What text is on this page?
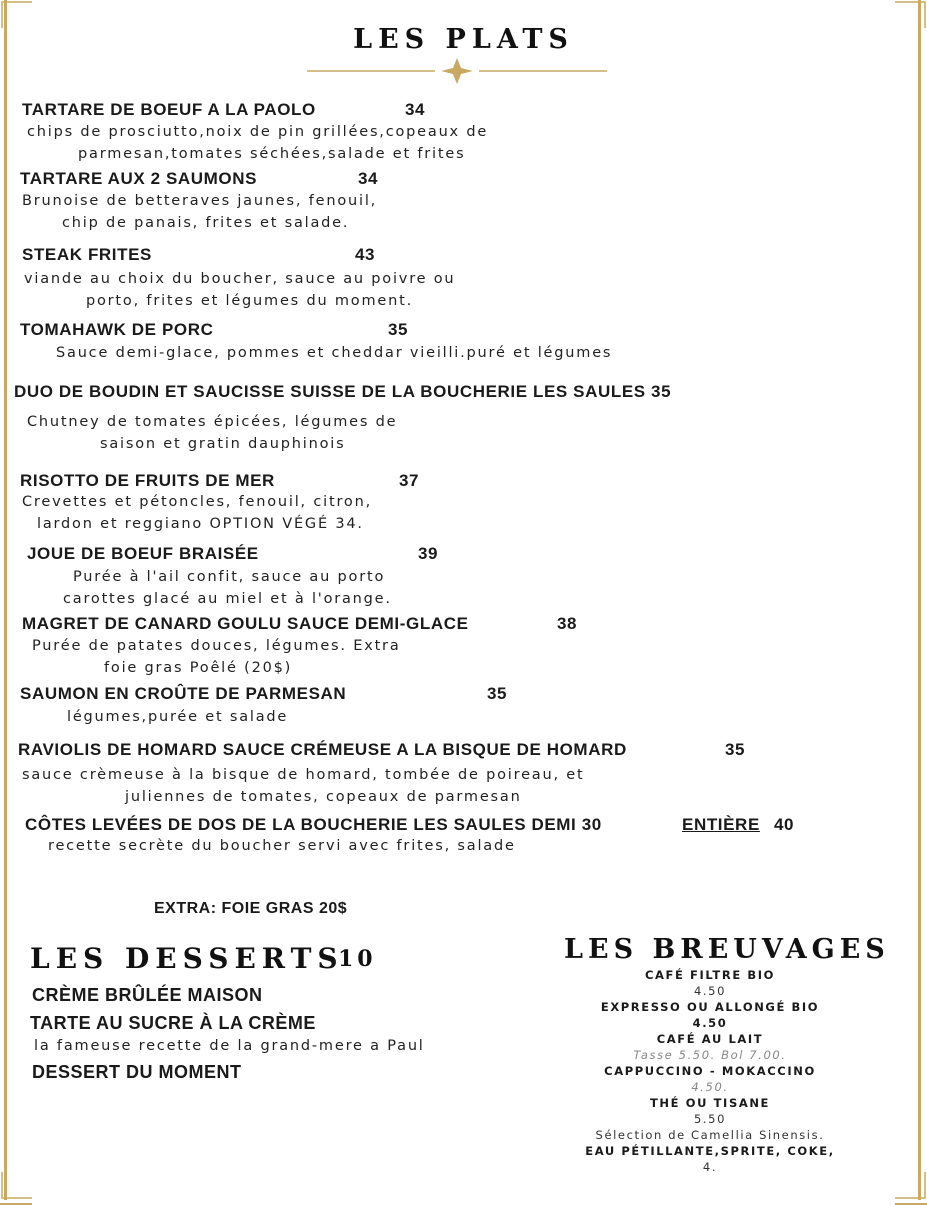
LES PLATS
TARTARE DE BOEUF A LA PAOLO	34
chips de prosciutto,noix de pin grillées,copeaux de
parmesan,tomates séchées,salade et frites
TARTARE AUX 2 SAUMONS	34
Brunoise de betteraves jaunes, fenouil,
chip de panais, frites et salade.
STEAK FRITES	43
viande au choix du boucher, sauce au poivre ou
porto, frites et légumes du moment.
TOMAHAWK DE PORC	35
Sauce demi-glace, pommes et cheddar vieilli.puré et légumes
DUO DE BOUDIN ET SAUCISSE SUISSE DE LA BOUCHERIE LES SAULES 35
Chutney de tomates épicées, légumes de
saison et gratin dauphinois
RISOTTO DE FRUITS DE MER	37
Crevettes et pétoncles, fenouil, citron,
lardon et reggiano OPTION VÉGÉ 34.
JOUE DE BOEUF BRAISÉE	39
Purée à l'ail confit, sauce au porto
carottes glacé au miel et à l'orange.
MAGRET DE CANARD GOULU SAUCE DEMI-GLACE	38
Purée de patates douces, légumes. Extra
foie gras Poêlé (20$)
SAUMON EN CROÛTE DE PARMESAN	35
légumes,purée et salade
RAVIOLIS DE HOMARD SAUCE CRÉMEUSE A LA BISQUE DE HOMARD	35
sauce crèmeuse à la bisque de homard, tombée de poireau, et
juliennes de tomates, copeaux de parmesan
CÔTES LEVÉES DE DOS DE LA BOUCHERIE LES SAULES DEMI 30	ENTIÈRE 40
recette secrète du boucher servi avec frites, salade
EXTRA: FOIE GRAS 20$
LES DESSERTS
10
CRÈME BRÛLÉE MAISON
TARTE AU SUCRE À LA CRÈME
la fameuse recette de la grand-mere a Paul
DESSERT DU MOMENT
LES BREUVAGES
CAFÉ FILTRE BIO
4.50
EXPRESSO OU ALLONGÉ BIO
4.50
CAFÉ AU LAIT
Tasse 5.50. Bol 7.00.
CAPPUCCINO - MOKACCINO
4.50.
THÉ OU TISANE
5.50
Sélection de Camellia Sinensis.
EAU PÉTILLANTE,SPRITE, COKE,
4.
